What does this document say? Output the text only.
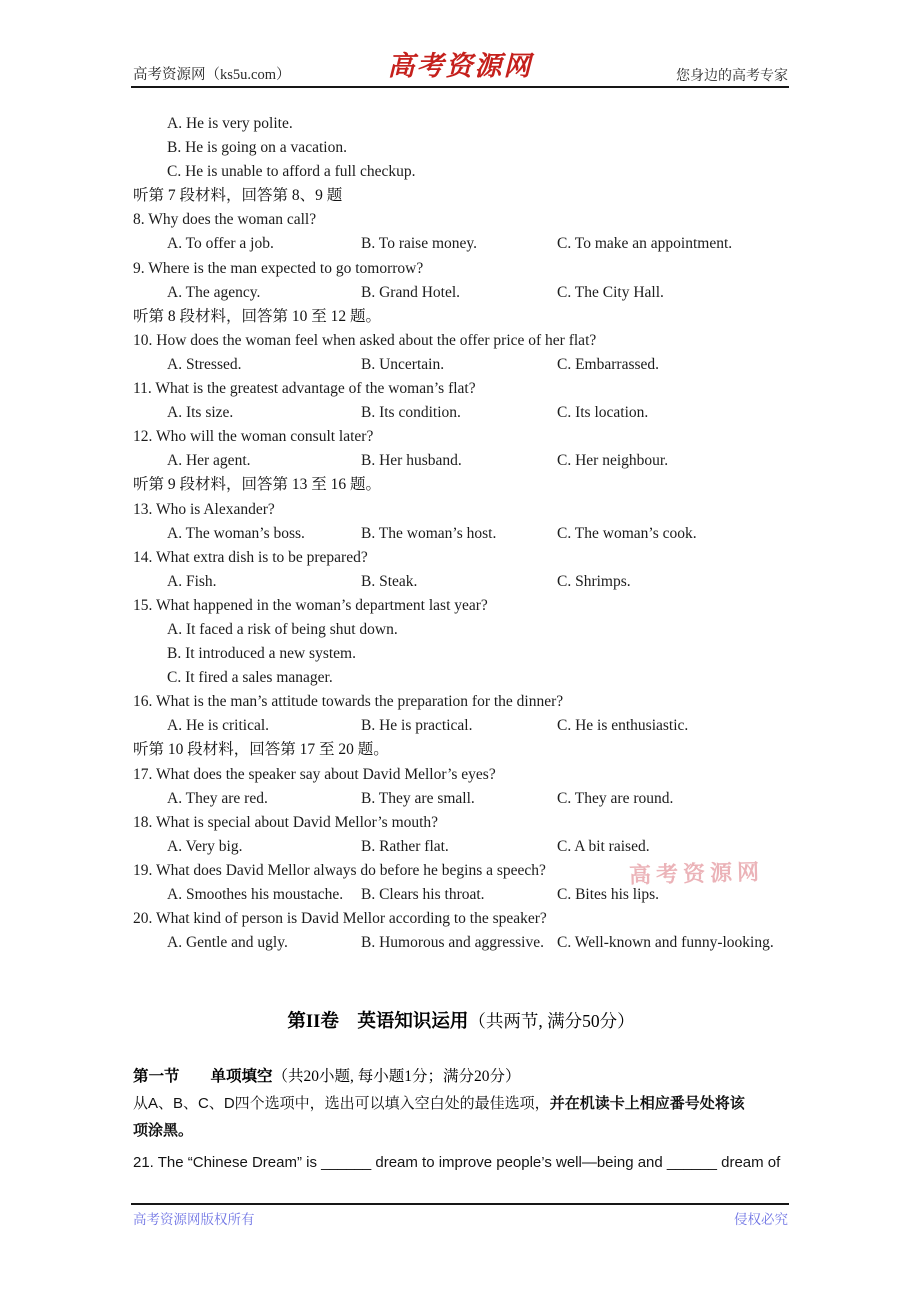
高考资源网（ks5u.com）	高考资源网	您身边的高考专家
A. He is very polite.
B. He is going on a vacation.
C. He is unable to afford a full checkup.
听第 7 段材料，回答第 8、9 题
8. Why does the woman call?
A. To offer a job.	B. To raise money.	C. To make an appointment.
9. Where is the man expected to go tomorrow?
A. The agency.	B. Grand Hotel.	C. The City Hall.
听第 8 段材料，回答第 10 至 12 题。
10. How does the woman feel when asked about the offer price of her flat?
A. Stressed.	B. Uncertain.	C. Embarrassed.
11. What is the greatest advantage of the woman’s flat?
A. Its size.	B. Its condition.	C. Its location.
12. Who will the woman consult later?
A. Her agent.	B. Her husband.	C. Her neighbour.
听第 9 段材料，回答第 13 至 16 题。
13. Who is Alexander?
A. The woman’s boss.	B. The woman’s host.	C. The woman’s cook.
14. What extra dish is to be prepared?
A. Fish.	B. Steak.	C. Shrimps.
15. What happened in the woman’s department last year?
A. It faced a risk of being shut down.
B. It introduced a new system.
C. It fired a sales manager.
16. What is the man’s attitude towards the preparation for the dinner?
A. He is critical.	B. He is practical.	C. He is enthusiastic.
听第 10 段材料，回答第 17 至 20 题。
17. What does the speaker say about David Mellor’s eyes?
A. They are red.	B. They are small.	C. They are round.
18. What is special about David Mellor’s mouth?
A. Very big.	B. Rather flat.	C. A bit raised.
19. What does David Mellor always do before he begins a speech?
A. Smoothes his moustache. B. Clears his throat.	C. Bites his lips.
20. What kind of person is David Mellor according to the speaker?
A. Gentle and ugly.	B. Humorous and aggressive. C. Well-known and funny-looking.
高考资源网
第II卷　英语知识运用（共两节, 满分50分）
第一节　　单项填空（共20小题, 每小题1分；满分20分）
从A、B、C、D四个选项中，选出可以填入空白处的最佳选项，并在机读卡上相应番号处将该
项涂黑。
21. The “Chinese Dream” is ______ dream to improve people’s well—being and ______ dream of
高考资源网版权所有	侵权必究
